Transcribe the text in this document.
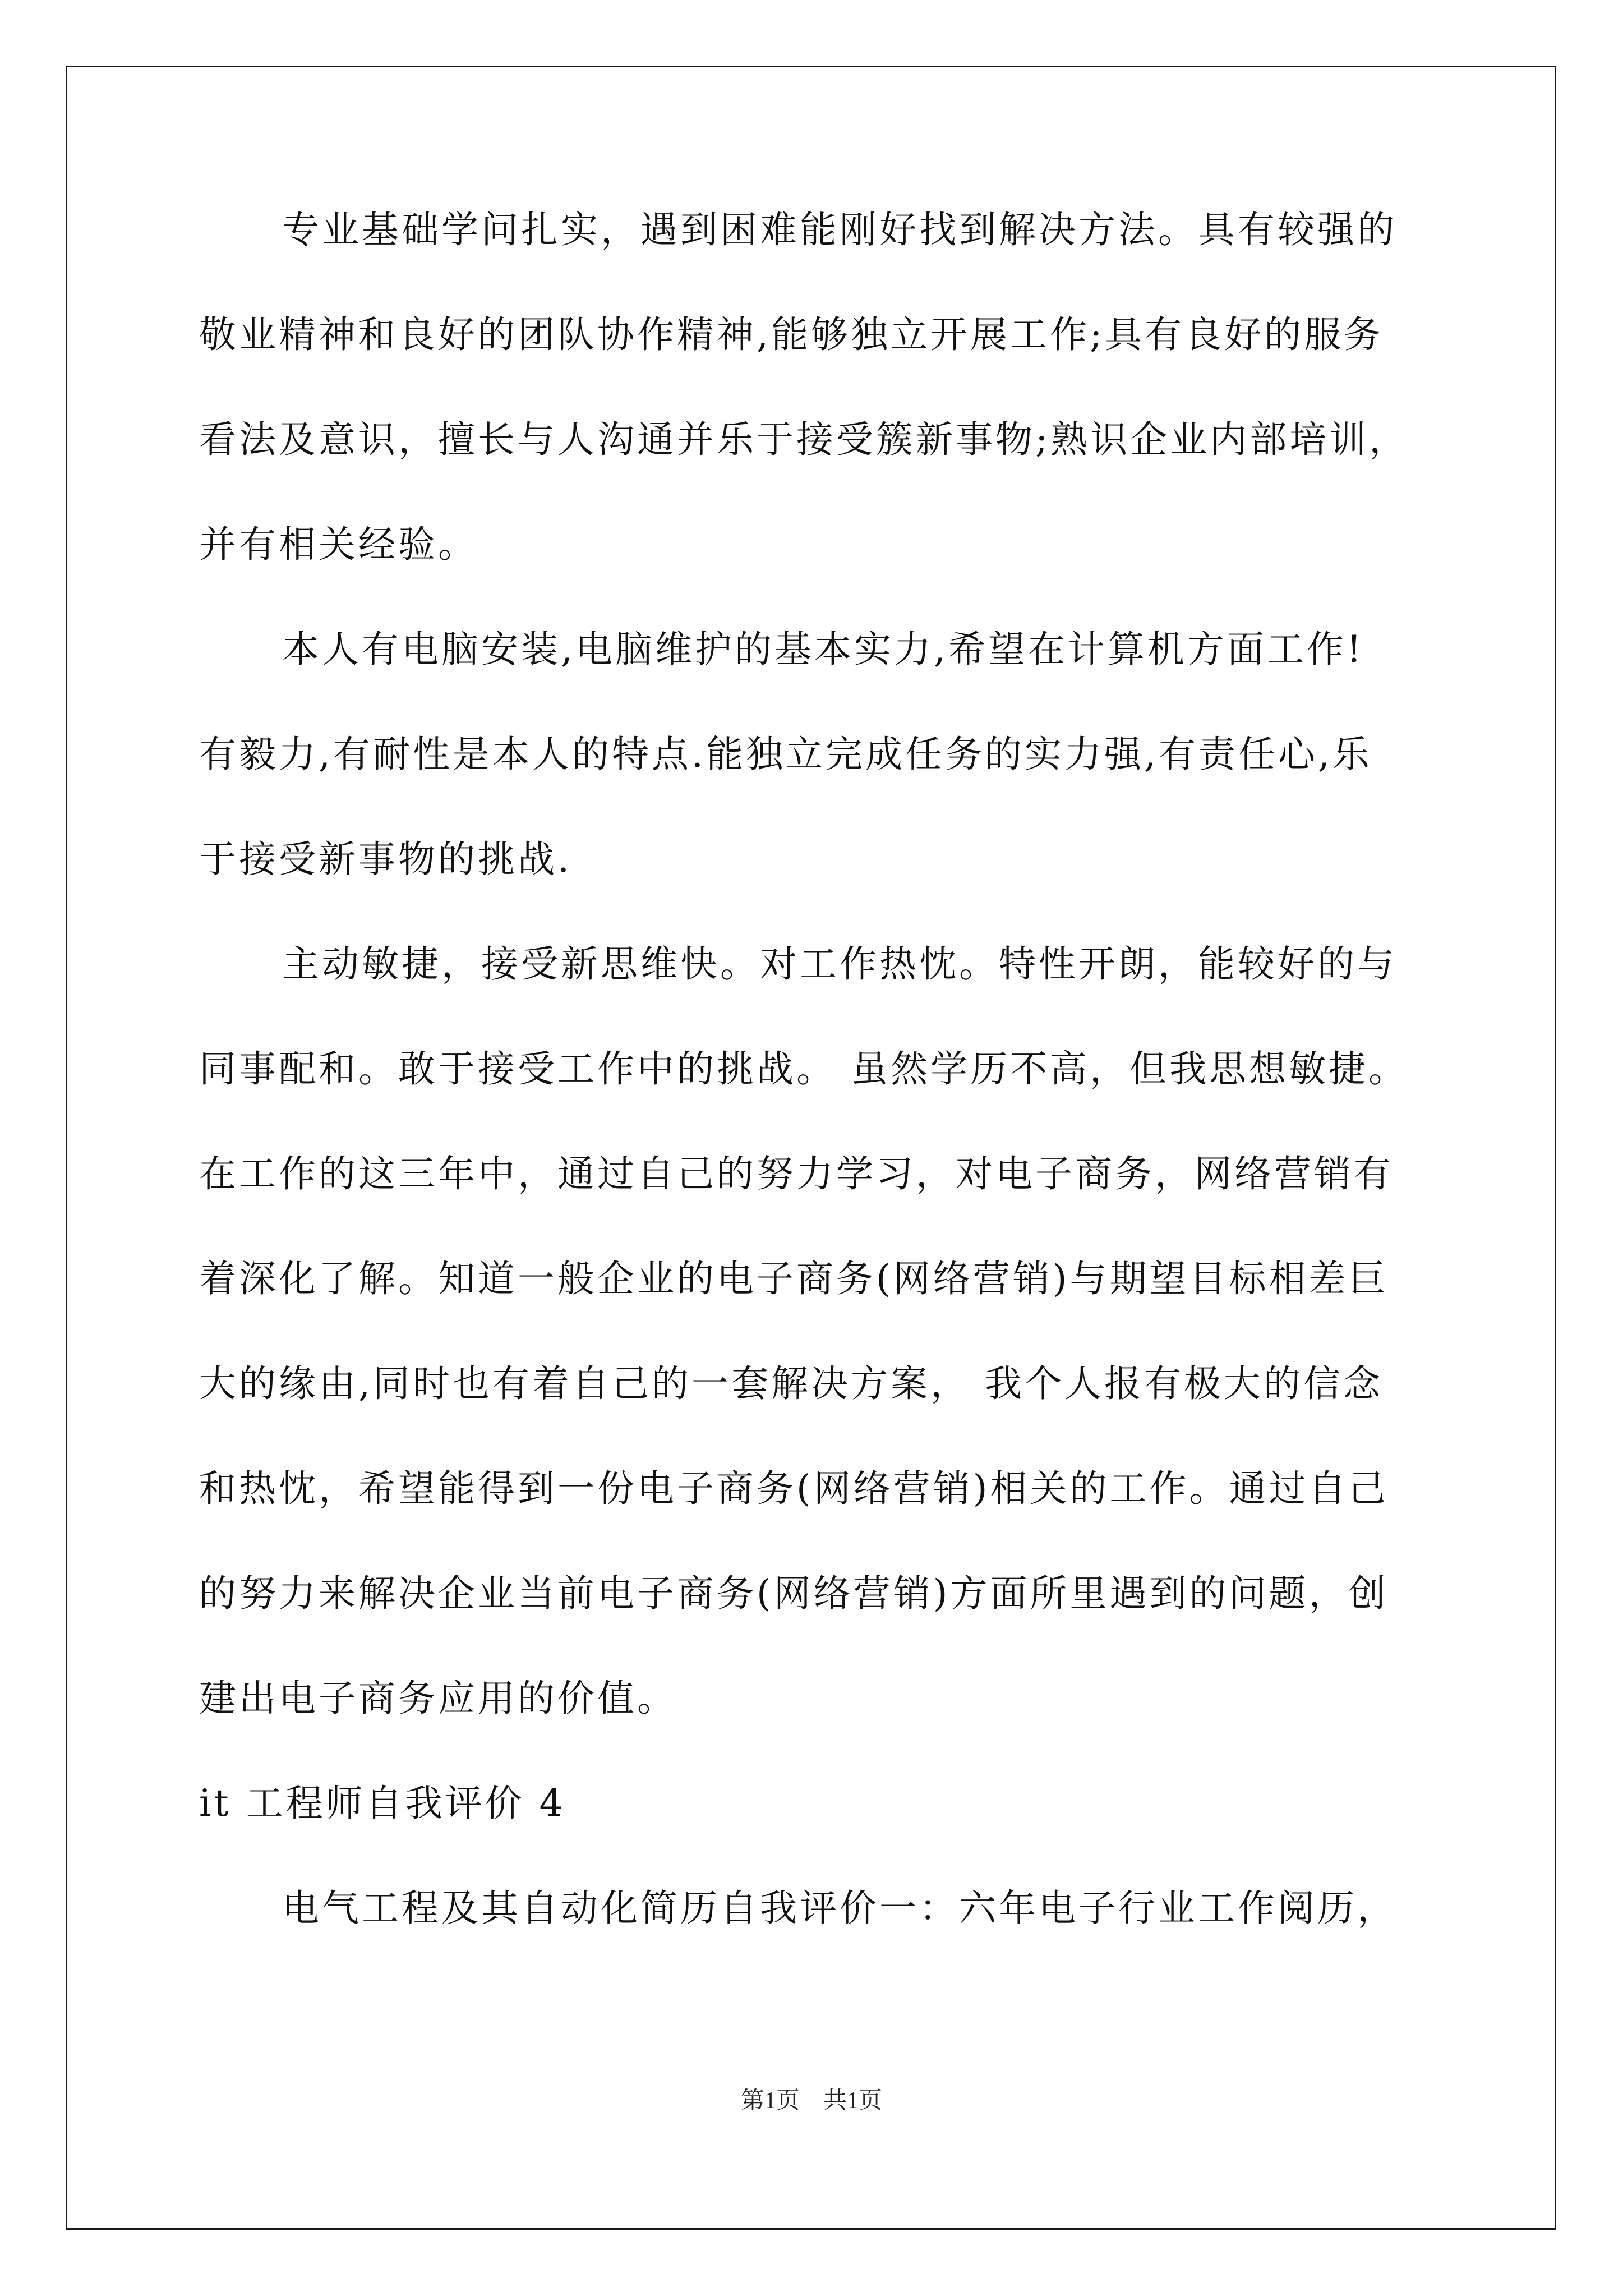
专业基础学问扎实，遇到困难能刚好找到解决方法。具有较强的
敬业精神和良好的团队协作精神,能够独立开展工作;具有良好的服务
看法及意识，擅长与人沟通并乐于接受簇新事物;熟识企业内部培训，
并有相关经验。
本人有电脑安装,电脑维护的基本实力,希望在计算机方面工作!
有毅力,有耐性是本人的特点.能独立完成任务的实力强,有责任心,乐
于接受新事物的挑战.
主动敏捷，接受新思维快。对工作热忱。特性开朗，能较好的与
同事配和。敢于接受工作中的挑战。 虽然学历不高，但我思想敏捷。
在工作的这三年中，通过自己的努力学习，对电子商务，网络营销有
着深化了解。知道一般企业的电子商务(网络营销)与期望目标相差巨
大的缘由,同时也有着自己的一套解决方案， 我个人报有极大的信念
和热忱，希望能得到一份电子商务(网络营销)相关的工作。通过自己
的努力来解决企业当前电子商务(网络营销)方面所里遇到的问题，创
建出电子商务应用的价值。
it 工程师自我评价 4
电气工程及其自动化简历自我评价一：六年电子行业工作阅历，
第1页　共1页
